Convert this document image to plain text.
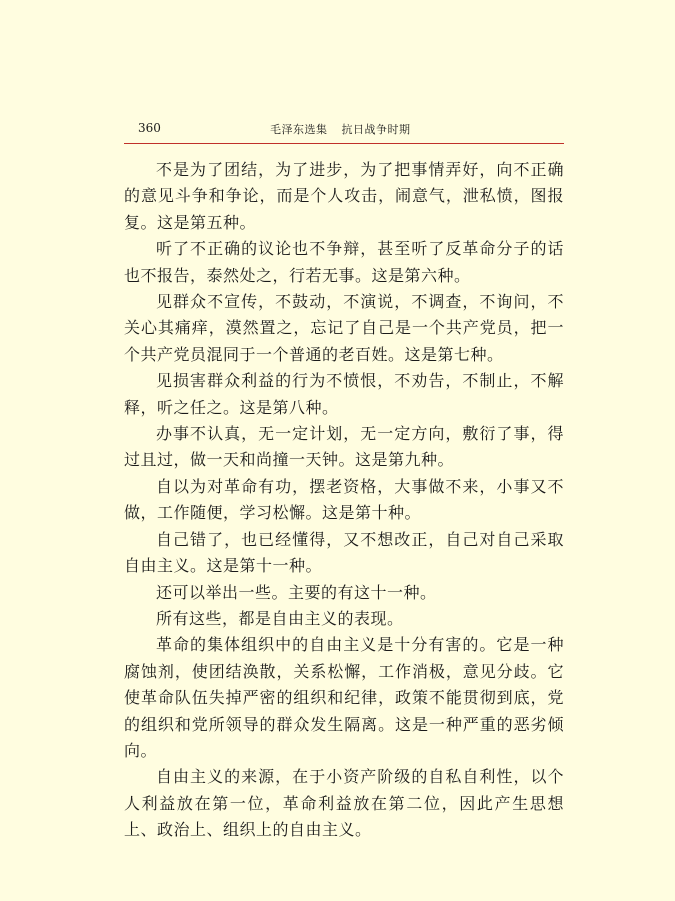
360	毛泽东选集 抗日战争时期

不是为了团结，为了进步，为了把事情弄好，向不正确的意见斗争和争论，而是个人攻击，闹意气，泄私愤，图报复。这是第五种。

听了不正确的议论也不争辩，甚至听了反革命分子的话也不报告，泰然处之，行若无事。这是第六种。

见群众不宣传，不鼓动，不演说，不调查，不询问，不关心其痛痒，漠然置之，忘记了自己是一个共产党员，把一个共产党员混同于一个普通的老百姓。这是第七种。

见损害群众利益的行为不愤恨，不劝告，不制止，不解释，听之任之。这是第八种。

办事不认真，无一定计划，无一定方向，敷衍了事，得过且过，做一天和尚撞一天钟。这是第九种。

自以为对革命有功，摆老资格，大事做不来，小事又不做，工作随便，学习松懈。这是第十种。

自己错了，也已经懂得，又不想改正，自己对自己采取自由主义。这是第十一种。

还可以举出一些。主要的有这十一种。

所有这些，都是自由主义的表现。

革命的集体组织中的自由主义是十分有害的。它是一种腐蚀剂，使团结涣散，关系松懈，工作消极，意见分歧。它使革命队伍失掉严密的组织和纪律，政策不能贯彻到底，党的组织和党所领导的群众发生隔离。这是一种严重的恶劣倾向。

自由主义的来源，在于小资产阶级的自私自利性，以个人利益放在第一位，革命利益放在第二位，因此产生思想上、政治上、组织上的自由主义。
